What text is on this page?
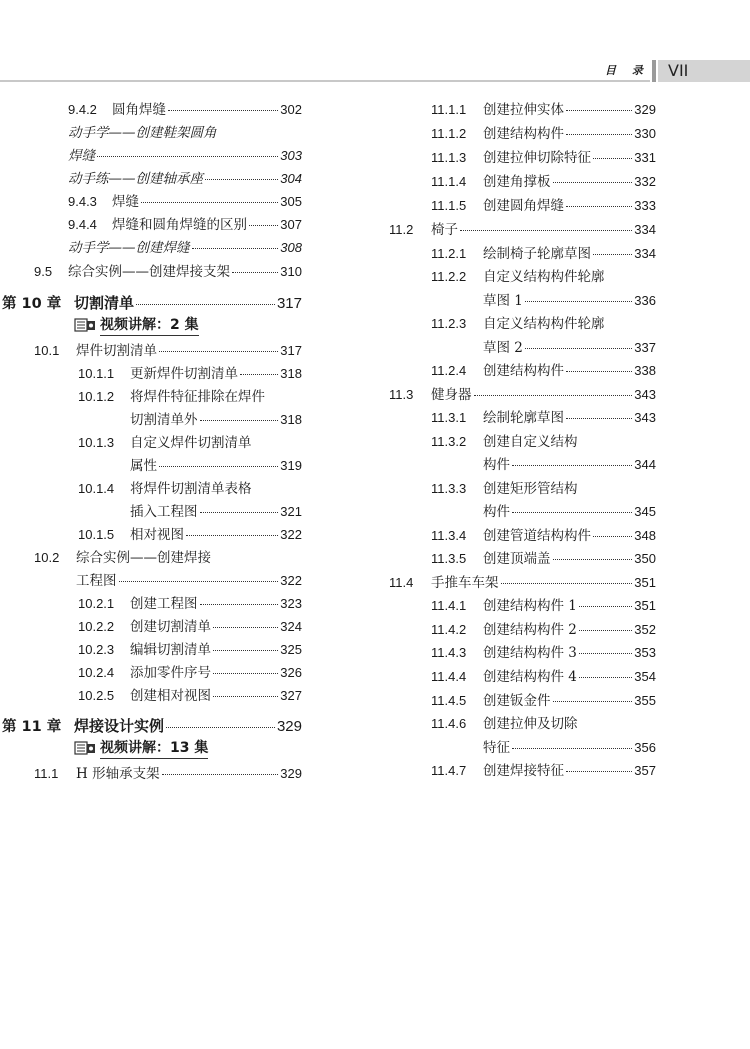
目 录 VII
9.4.2	圆角焊缝	302
动手学——创建鞋架圆角
焊缝	303
动手练——创建轴承座	304
9.4.3	焊缝	305
9.4.4	焊缝和圆角焊缝的区别	307
动手学——创建焊缝	308
9.5	综合实例——创建焊接支架	310
第 10 章 切割清单	317
视频讲解：2 集
10.1	焊件切割清单	317
10.1.1	更新焊件切割清单	318
10.1.2	将焊件特征排除在焊件
切割清单外	318
10.1.3	自定义焊件切割清单
属性	319
10.1.4	将焊件切割清单表格
插入工程图	321
10.1.5	相对视图	322
10.2	综合实例——创建焊接
工程图	322
10.2.1	创建工程图	323
10.2.2	创建切割清单	324
10.2.3	编辑切割清单	325
10.2.4	添加零件序号	326
10.2.5	创建相对视图	327
第 11 章 焊接设计实例	329
视频讲解：13 集
11.1	H 形轴承支架	329
11.1.1	创建拉伸实体	329
11.1.2	创建结构构件	330
11.1.3	创建拉伸切除特征	331
11.1.4	创建角撑板	332
11.1.5	创建圆角焊缝	333
11.2	椅子	334
11.2.1	绘制椅子轮廓草图	334
11.2.2	自定义结构构件轮廓
草图 1	336
11.2.3	自定义结构构件轮廓
草图 2	337
11.2.4	创建结构构件	338
11.3	健身器	343
11.3.1	绘制轮廓草图	343
11.3.2	创建自定义结构
构件	344
11.3.3	创建矩形管结构
构件	345
11.3.4	创建管道结构构件	348
11.3.5	创建顶端盖	350
11.4	手推车车架	351
11.4.1	创建结构构件 1	351
11.4.2	创建结构构件 2	352
11.4.3	创建结构构件 3	353
11.4.4	创建结构构件 4	354
11.4.5	创建钣金件	355
11.4.6	创建拉伸及切除
特征	356
11.4.7	创建焊接特征	357
